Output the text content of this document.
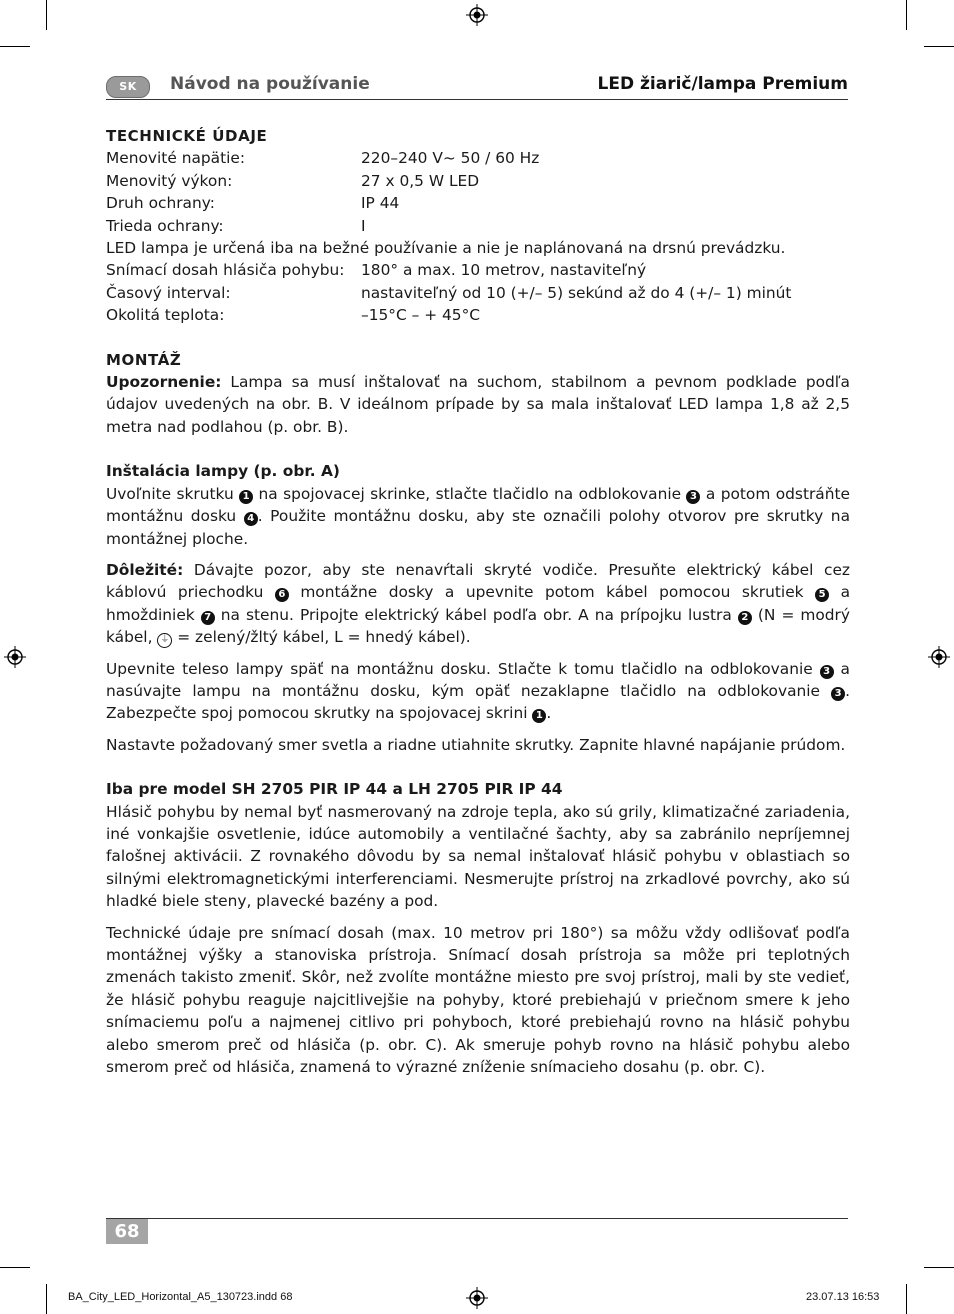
SK	Návod na používanie	LED žiarič/lampa Premium

TECHNICKÉ ÚDAJE

Menovité napätie:	220–240 V~ 50 / 60 Hz
Menovitý výkon:	27 x 0,5 W LED
Druh ochrany:	IP 44
Trieda ochrany:	I

LED lampa je určená iba na bežné používanie a nie je naplánovaná na drsnú prevádzku.

Snímací dosah hlásiča pohybu:	180° a max. 10 metrov, nastaviteľný
Časový interval:	nastaviteľný od 10 (+/– 5) sekúnd až do 4 (+/– 1) minút
Okolitá teplota:	–15°C – + 45°C

MONTÁŽ

Upozornenie: Lampa sa musí inštalovať na suchom, stabilnom a pevnom podklade podľa údajov uvedených na obr. B. V ideálnom prípade by sa mala inštalovať LED lampa 1,8 až 2,5 metra nad podlahou (p. obr. B).

Inštalácia lampy (p. obr. A)

Uvoľnite skrutku 1 na spojovacej skrinke, stlačte tlačidlo na odblokovanie 3 a potom odstráňte montážnu dosku 4 . Použite montážnu dosku, aby ste označili polohy otvorov pre skrutky na montážnej ploche.

Dôležité: Dávajte pozor, aby ste nenavŕtali skryté vodiče. Presuňte elektrický kábel cez káblovú priechodku 6 montážne dosky a upevnite potom kábel pomocou skrutiek 5 a hmoždiniek 7 na stenu. Pripojte elektrický kábel podľa obr. A na prípojku lustra 2 (N = modrý kábel, ⏚ = zelený/žltý kábel, L = hnedý kábel).

Upevnite teleso lampy späť na montážnu dosku. Stlačte k tomu tlačidlo na odblokovanie 3 a nasúvajte lampu na montážnu dosku, kým opäť nezaklapne tlačidlo na odblokovanie 3 . Zabezpečte spoj pomocou skrutky na spojovacej skrini 1 .

Nastavte požadovaný smer svetla a riadne utiahnite skrutky. Zapnite hlavné napájanie prúdom.

Iba pre model SH 2705 PIR IP 44 a LH 2705 PIR IP 44

Hlásič pohybu by nemal byť nasmerovaný na zdroje tepla, ako sú grily, klimatizačné zariadenia, iné vonkajšie osvetlenie, idúce automobily a ventilačné šachty, aby sa zabránilo nepríjemnej falošnej aktivácii. Z rovnakého dôvodu by sa nemal inštalovať hlásič pohybu v oblastiach so silnými elektromagnetickými interferenciami. Nesmerujte prístroj na zrkadlové povrchy, ako sú hladké biele steny, plavecké bazény a pod.

Technické údaje pre snímací dosah (max. 10 metrov pri 180°) sa môžu vždy odlišovať podľa montážnej výšky a stanoviska prístroja. Snímací dosah prístroja sa môže pri teplotných zmenách takisto zmeniť. Skôr, než zvolíte montážne miesto pre svoj prístroj, mali by ste vedieť, že hlásič pohybu reaguje najcitlivejšie na pohyby, ktoré prebiehajú v priečnom smere k jeho snímaciemu poľu a najmenej citlivo pri pohyboch, ktoré prebiehajú rovno na hlásič pohybu alebo smerom preč od hlásiča (p. obr. C). Ak smeruje pohyb rovno na hlásič pohybu alebo smerom preč od hlásiča, znamená to výrazné zníženie snímacieho dosahu (p. obr. C).

68
BA_City_LED_Horizontal_A5_130723.indd 68	23.07.13 16:53
